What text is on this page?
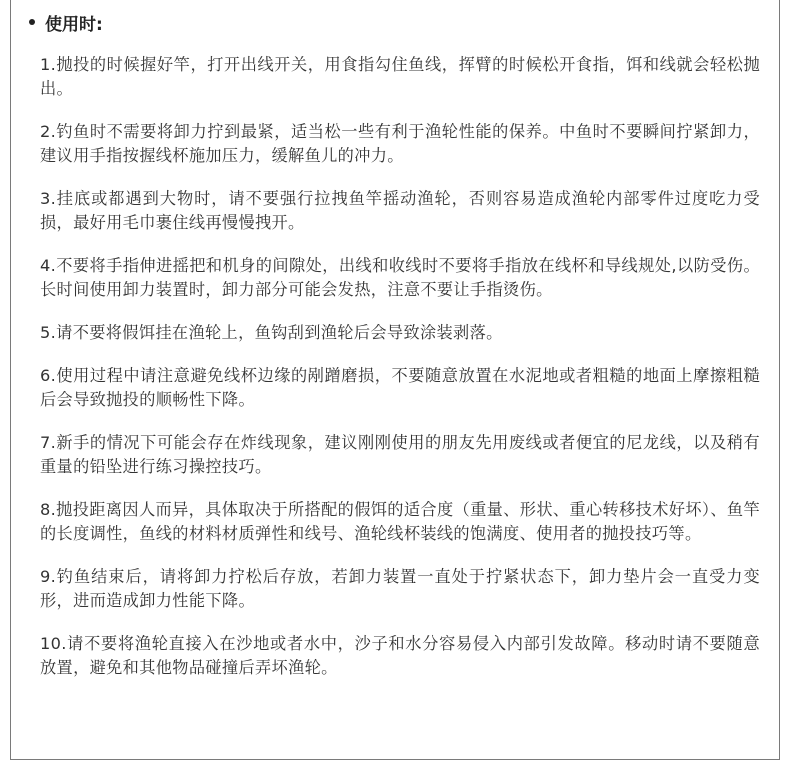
使用时:
1.抛投的时候握好竿，打开出线开关，用食指勾住鱼线，挥臂的时候松开食指，饵和线就会轻松抛出。
2.钓鱼时不需要将卸力拧到最紧，适当松一些有利于渔轮性能的保养。中鱼时不要瞬间拧紧卸力，建议用手指按握线杯施加压力，缓解鱼儿的冲力。
3.挂底或都遇到大物时，请不要强行拉拽鱼竿摇动渔轮，否则容易造成渔轮内部零件过度吃力受损，最好用毛巾裹住线再慢慢拽开。
4.不要将手指伸进摇把和机身的间隙处，出线和收线时不要将手指放在线杯和导线规处,以防受伤。长时间使用卸力装置时，卸力部分可能会发热，注意不要让手指烫伤。
5.请不要将假饵挂在渔轮上，鱼钩刮到渔轮后会导致涂装剥落。
6.使用过程中请注意避免线杯边缘的剐蹭磨损，不要随意放置在水泥地或者粗糙的地面上摩擦粗糙后会导致抛投的顺畅性下降。
7.新手的情况下可能会存在炸线现象，建议刚刚使用的朋友先用废线或者便宜的尼龙线，以及稍有重量的铅坠进行练习操控技巧。
8.抛投距离因人而异，具体取决于所搭配的假饵的适合度（重量、形状、重心转移技术好坏）、鱼竿的长度调性，鱼线的材料材质弹性和线号、渔轮线杯装线的饱满度、使用者的抛投技巧等。
9.钓鱼结束后，请将卸力拧松后存放，若卸力装置一直处于拧紧状态下，卸力垫片会一直受力变形，进而造成卸力性能下降。
10.请不要将渔轮直接入在沙地或者水中，沙子和水分容易侵入内部引发故障。移动时请不要随意放置，避免和其他物品碰撞后弄坏渔轮。
